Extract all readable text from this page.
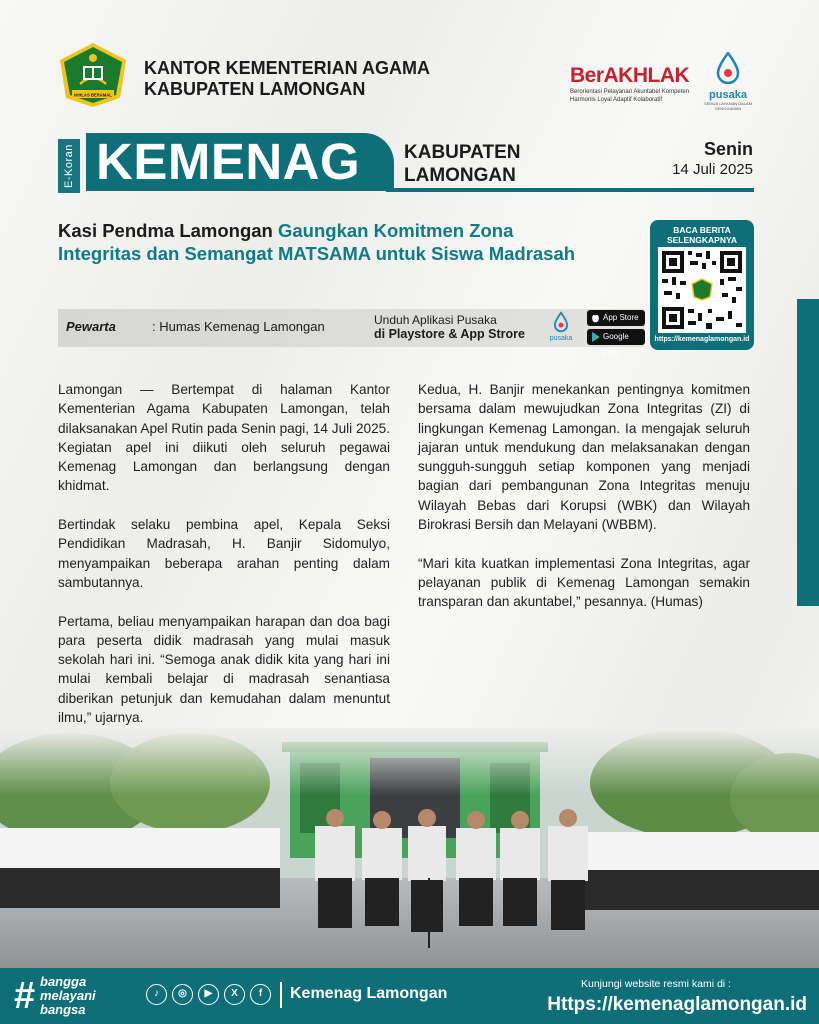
IKHLAS BERAMAL
KANTOR KEMENTERIAN AGAMA
KABUPATEN LAMONGAN
BerAKHLAK
Berorientasi Pelayanan Akuntabel Kompeten
Harmonis Loyal Adaptif Kolaboratif	pusaka
SEMUA LAYANAN DALAM GENGGAMAN
E-Koran KEMENAG	KABUPATEN
LAMONGAN
Senin
14 Juli 2025
Kasi Pendma Lamongan Gaungkan Komitmen Zona Integritas dan Semangat MATSAMA untuk Siswa Madrasah
Pewarta	: Humas Kemenag Lamongan	Unduh Aplikasi Pusaka
di Playstore & App Strore	pusaka
App Store
Google Play
BACA BERITA
SELENGKAPNYA
https://kemenaglamongan.id

Lamongan — Bertempat di halaman Kantor Kementerian Agama Kabupaten Lamongan, telah dilaksanakan Apel Rutin pada Senin pagi, 14 Juli 2025. Kegiatan apel ini diikuti oleh seluruh pegawai Kemenag Lamongan dan berlangsung dengan khidmat.

Bertindak selaku pembina apel, Kepala Seksi Pendidikan Madrasah, H. Banjir Sidomulyo, menyampaikan beberapa arahan penting dalam sambutannya.

Pertama, beliau menyampaikan harapan dan doa bagi para peserta didik madrasah yang mulai masuk sekolah hari ini. “Semoga anak didik kita yang hari ini mulai kembali belajar di madrasah senantiasa diberikan petunjuk dan kemudahan dalam menuntut ilmu,” ujarnya.

Kedua, H. Banjir menekankan pentingnya komitmen bersama dalam mewujudkan Zona Integritas (ZI) di lingkungan Kemenag Lamongan. Ia mengajak seluruh jajaran untuk mendukung dan melaksanakan dengan sungguh-sungguh setiap komponen yang menjadi bagian dari pembangunan Zona Integritas menuju Wilayah Bebas dari Korupsi (WBK) dan Wilayah Birokrasi Bersih dan Melayani (WBBM).

“Mari kita kuatkan implementasi Zona Integritas, agar pelayanan publik di Kemenag Lamongan semakin transparan dan akuntabel,” pesannya. (Humas)

# bangga
melayani
bangsa
♪	◎	▶	X	f	Kemenag Lamongan
Kunjungi website resmi kami di :
Https://kemenaglamongan.id
